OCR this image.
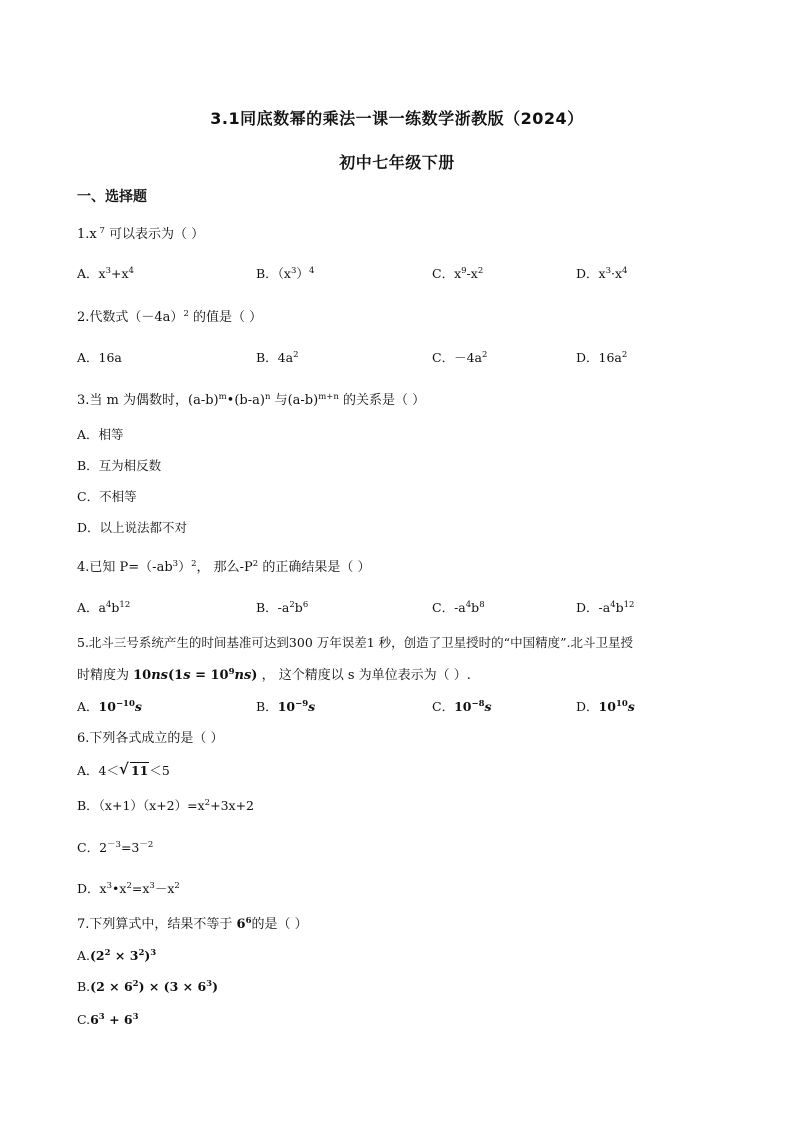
3.1同底数幂的乘法一课一练数学浙教版（2024）
初中七年级下册
一、选择题
1.x $^7$ 可以表示为（ ）
A．$x^3+x^4$	B．$(x^3)^4$	C．$x^9-x^2$	D．$x^3\cdot x^4$
2.代数式$(-4a)^2$ 的值是（ ）
A．16a	B．$4a^2$	C．$-4a^2$	D．$16a^2$
3.当 m 为偶数时，$(a-b)^m•(b-a)^n$ 与$(a-b)^{m+n}$ 的关系是（ ）
A．相等
B．互为相反数
C．不相等
D．以上说法都不对
4.已知 $P=(-ab^3)^2$， 那么$-P^2$ 的正确结果是（ ）
A．$a^4b^{12}$	B．$-a^2b^6$	C．$-a^4b^8$	D．$-a^4b^{12}$
5.北斗三号系统产生的时间基准可达到300 万年误差1 秒，创造了卫星授时的“中国精度”.北斗卫星授
时精度为 $10ns(1s = 10^9ns)$ ， 这个精度以 s 为单位表示为（ ）.
A．$10^{-10}s$	B．$10^{-9}s$	C．$10^{-8}s$	D．$10^{10}s$
6.下列各式成立的是（ ）
A．4＜ √ 11＜5
B．$(x+1)(x+2)=x^2+3x+2$
C．$2^{-3}=3^{-2}$
D．$x^3•x^2=x^3-x^2$
7.下列算式中，结果不等于 $6^6$的是（ ）
$A.(2^2 \times 3^2)^3$
$B.(2 \times 6^2) \times (3 \times 6^3)$
$C.6^3 + 6^3$
